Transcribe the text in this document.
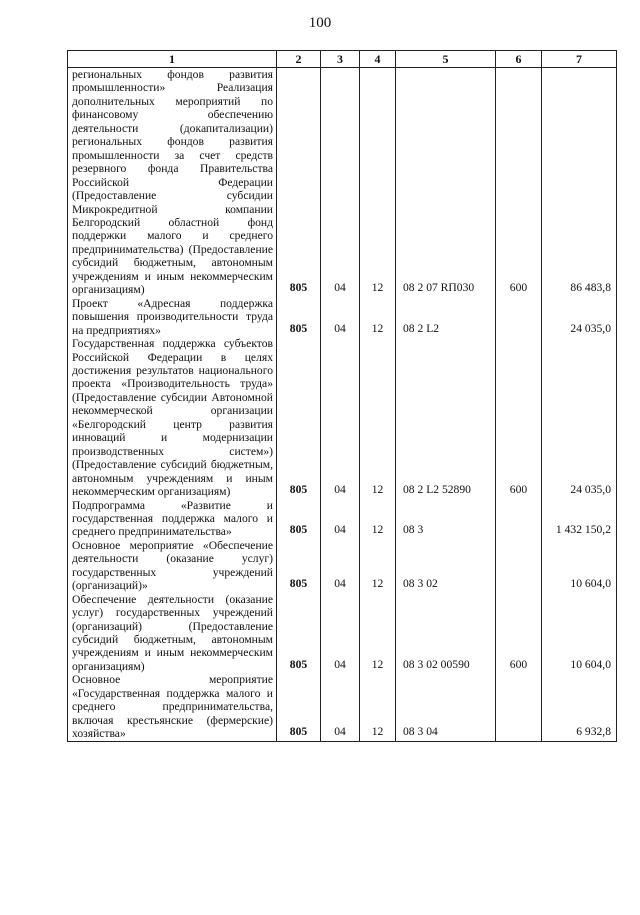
100
1	2	3	4	5	6	7
региональных фондов развития промышленности» Реализация дополнительных мероприятий по финансовому обеспечению деятельности (докапитализации) региональных фондов развития промышленности за счет средств резервного фонда Правительства Российской Федерации (Предоставление субсидии Микрокредитной компании Белгородский областной фонд поддержки малого и среднего предпринимательства) (Предоставление субсидий бюджетным, автономным учреждениям и иным некоммерческим организациям)	805	04	12	08 2 07 RП030	600	86 483,8
Проект «Адресная поддержка повышения производительности труда на предприятиях»	805	04	12	08 2 L2		24 035,0
Государственная поддержка субъектов Российской Федерации в целях достижения результатов национального проекта «Производительность труда» (Предоставление субсидии Автономной некоммерческой организации «Белгородский центр развития инноваций и модернизации производственных систем») (Предоставление субсидий бюджетным, автономным учреждениям и иным некоммерческим организациям)	805	04	12	08 2 L2 52890	600	24 035,0
Подпрограмма «Развитие и государственная поддержка малого и среднего предпринимательства»	805	04	12	08 3		1 432 150,2
Основное мероприятие «Обеспечение деятельности (оказание услуг) государственных учреждений (организаций)»	805	04	12	08 3 02		10 604,0
Обеспечение деятельности (оказание услуг) государственных учреждений (организаций) (Предоставление субсидий бюджетным, автономным учреждениям и иным некоммерческим организациям)	805	04	12	08 3 02 00590	600	10 604,0
Основное мероприятие «Государственная поддержка малого и среднего предпринимательства, включая крестьянские (фермерские) хозяйства»	805	04	12	08 3 04		6 932,8
